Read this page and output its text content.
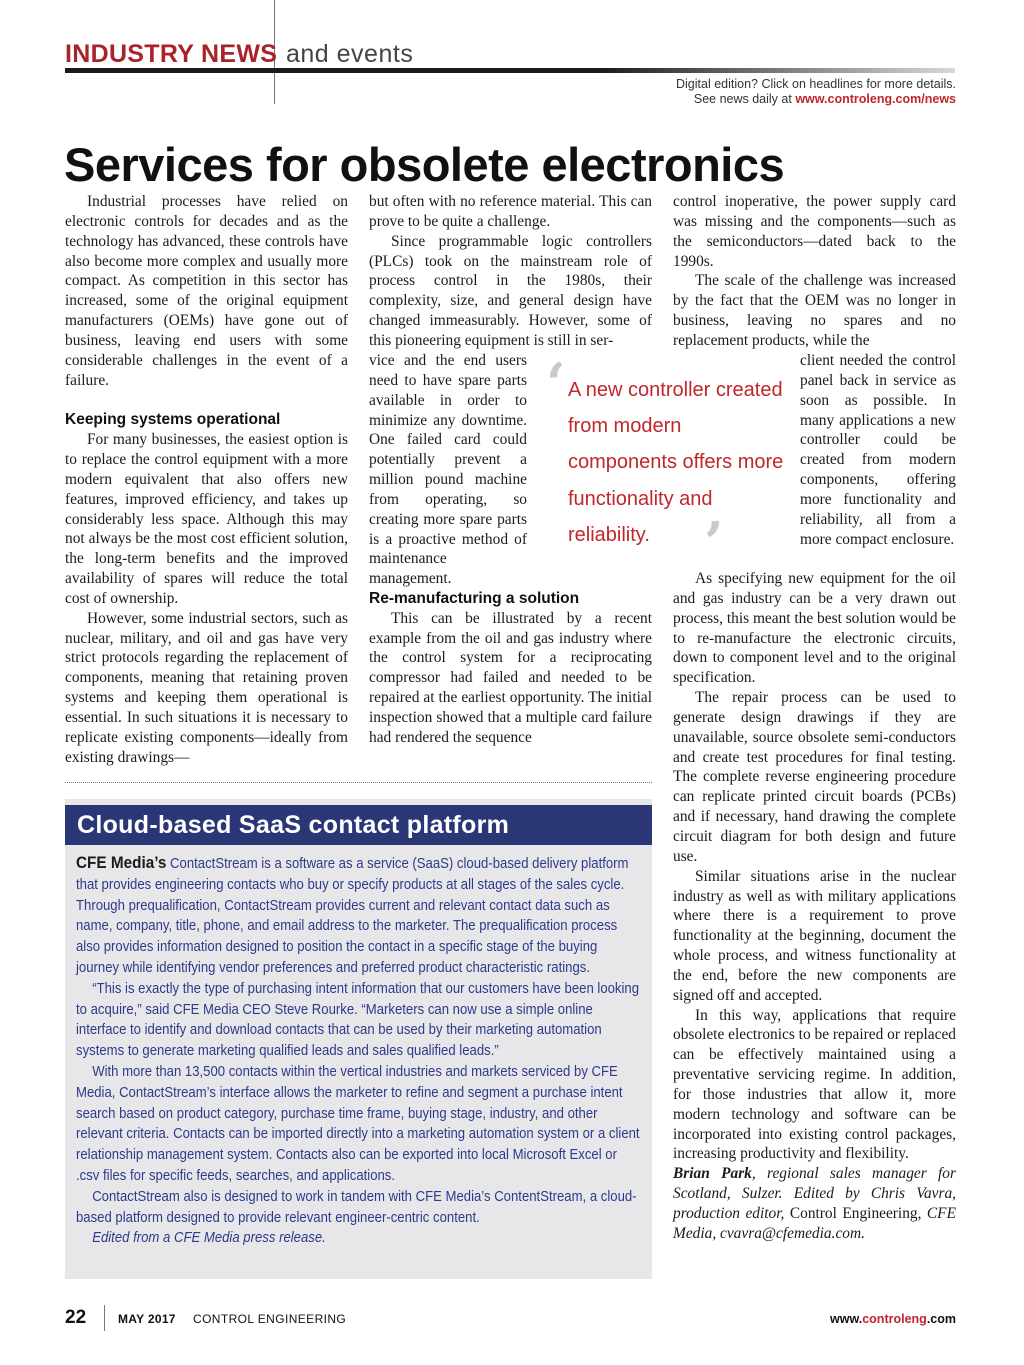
INDUSTRY NEWS and events
Digital edition? Click on headlines for more details.
See news daily at www.controleng.com/news
Services for obsolete electronics

Industrial processes have relied on electronic controls for decades and as the technology has advanced, these controls have also become more complex and usually more compact. As competition in this sector has increased, some of the original equipment manufacturers (OEMs) have gone out of business, leaving end users with some considerable challenges in the event of a failure.

Keeping systems operational

For many businesses, the easiest option is to replace the control equipment with a more modern equivalent that also offers new features, improved efficiency, and takes up considerably less space. Although this may not always be the most cost efficient solution, the long-term benefits and the improved availability of spares will reduce the total cost of ownership.

However, some industrial sectors, such as nuclear, military, and oil and gas have very strict protocols regarding the replacement of components, meaning that retaining proven systems and keeping them operational is essential. In such situations it is necessary to replicate existing components—ideally from existing drawings—

but often with no reference material. This can prove to be quite a challenge.

Since programmable logic controllers (PLCs) took on the mainstream role of process control in the 1980s, their complexity, size, and general design have changed immeasurably. However, some of this pioneering equipment is still in ser-

vice and the end users need to have spare parts available in order to minimize any downtime. One failed card could potentially prevent a million pound machine from operating, so creating more spare parts is a proactive method of maintenance management.

Re-manufacturing a solution

This can be illustrated by a recent example from the oil and gas industry where the control system for a reciprocating compressor had failed and needed to be repaired at the earliest opportunity. The initial inspection showed that a multiple card failure had rendered the sequence

‘ A new controller created from modern components offers more functionality and reliability. ’

control inoperative, the power supply card was missing and the components—such as the semiconductors—dated back to the 1990s.

The scale of the challenge was increased by the fact that the OEM was no longer in business, leaving no spares and no replacement products, while the

client needed the control panel back in service as soon as possible. In many applications a new controller could be created from modern components, offering more functionality and reliability, all from a more compact enclosure.

As specifying new equipment for the oil and gas industry can be a very drawn out process, this meant the best solution would be to re-manufacture the electronic circuits, down to component level and to the original specification.

The repair process can be used to generate design drawings if they are unavailable, source obsolete semi-conductors and create test procedures for final testing. The complete reverse engineering procedure can replicate printed circuit boards (PCBs) and if necessary, hand drawing the complete circuit diagram for both design and future use.

Similar situations arise in the nuclear industry as well as with military applications where there is a requirement to prove functionality at the beginning, document the whole process, and witness functionality at the end, before the new components are signed off and accepted.

In this way, applications that require obsolete electronics to be repaired or replaced can be effectively maintained using a preventative servicing regime. In addition, for those industries that allow it, more modern technology and software can be incorporated into existing control packages, increasing productivity and flexibility.

Brian Park, regional sales manager for Scotland, Sulzer. Edited by Chris Vavra, production editor, Control Engineering, CFE Media, cvavra@cfemedia.com.

Cloud-based SaaS contact platform

CFE Media’s ContactStream is a software as a service (SaaS) cloud-based delivery platform that provides engineering contacts who buy or specify products at all stages of the sales cycle. Through prequalification, ContactStream provides current and relevant contact data such as name, company, title, phone, and email address to the marketer. The prequalification process also provides information designed to position the contact in a specific stage of the buying journey while identifying vendor preferences and preferred product characteristic ratings.

“This is exactly the type of purchasing intent information that our customers have been looking to acquire,” said CFE Media CEO Steve Rourke. “Marketers can now use a simple online interface to identify and download contacts that can be used by their marketing automation systems to generate marketing qualified leads and sales qualified leads.”

With more than 13,500 contacts within the vertical industries and markets serviced by CFE Media, ContactStream’s interface allows the marketer to refine and segment a purchase intent search based on product category, purchase time frame, buying stage, industry, and other relevant criteria. Contacts can be imported directly into a marketing automation system or a client relationship management system. Contacts also can be exported into local Microsoft Excel or .csv files for specific feeds, searches, and applications.

ContactStream also is designed to work in tandem with CFE Media’s ContentStream, a cloud-based platform designed to provide relevant engineer-centric content.

Edited from a CFE Media press release.

22	MAY 2017 CONTROL ENGINEERING	www.controleng.com
